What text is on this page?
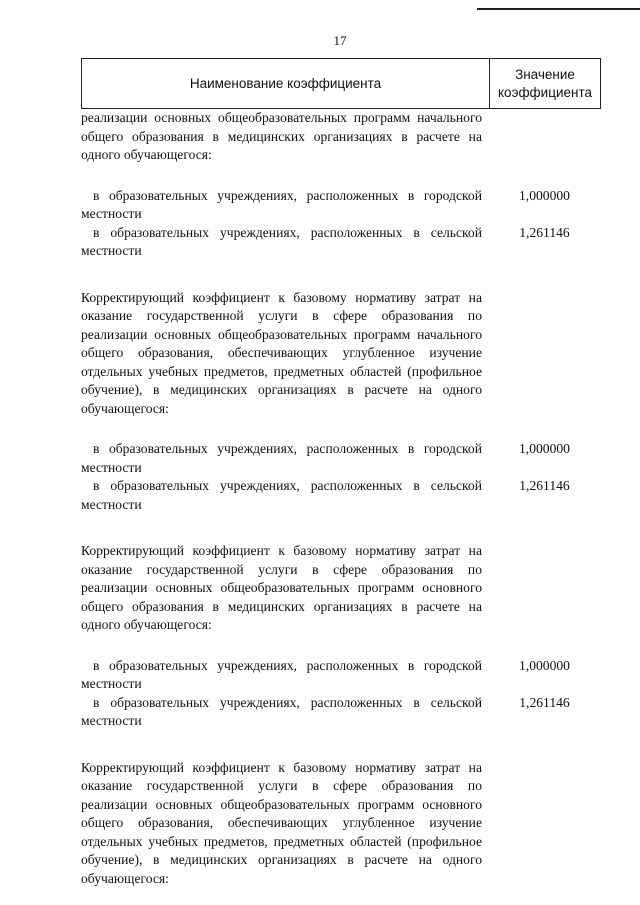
17
Наименование коэффициента
Значение коэффициента
реализации основных общеобразовательных программ начального общего образования в медицинских организациях в расчете на одного обучающегося:
в образовательных учреждениях, расположенных в городской местности
1,000000
в образовательных учреждениях, расположенных в сельской местности
1,261146
Корректирующий коэффициент к базовому нормативу затрат на оказание государственной услуги в сфере образования по реализации основных общеобразовательных программ начального общего образования, обеспечивающих углубленное изучение отдельных учебных предметов, предметных областей (профильное обучение), в медицинских организациях в расчете на одного обучающегося:
в образовательных учреждениях, расположенных в городской местности
1,000000
в образовательных учреждениях, расположенных в сельской местности
1,261146
Корректирующий коэффициент к базовому нормативу затрат на оказание государственной услуги в сфере образования по реализации основных общеобразовательных программ основного общего образования в медицинских организациях в расчете на одного обучающегося:
в образовательных учреждениях, расположенных в городской местности
1,000000
в образовательных учреждениях, расположенных в сельской местности
1,261146
Корректирующий коэффициент к базовому нормативу затрат на оказание государственной услуги в сфере образования по реализации основных общеобразовательных программ основного общего образования, обеспечивающих углубленное изучение отдельных учебных предметов, предметных областей (профильное обучение), в медицинских организациях в расчете на одного обучающегося:
